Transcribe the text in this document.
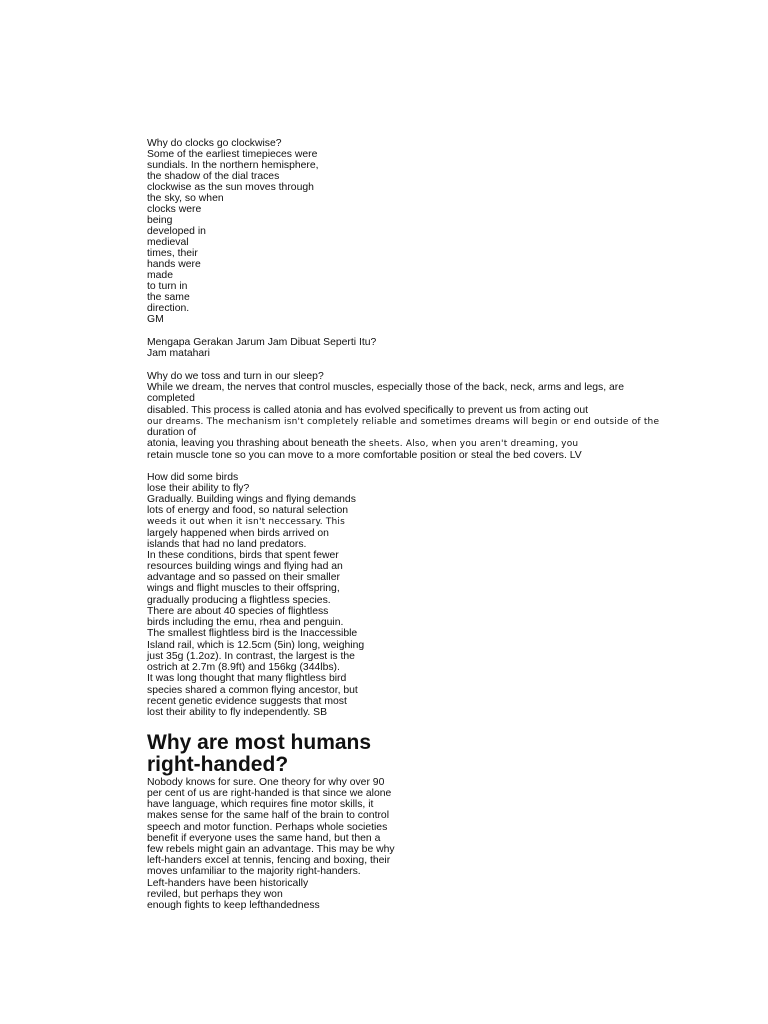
Why do clocks go clockwise?
Some of the earliest timepieces were
sundials. In the northern hemisphere,
the shadow of the dial traces
clockwise as the sun moves through
the sky, so when
clocks were
being
developed in
medieval
times, their
hands were
made
to turn in
the same
direction.
GM
Mengapa Gerakan Jarum Jam Dibuat Seperti Itu?
Jam matahari
Why do we toss and turn in our sleep?
While we dream, the nerves that control muscles, especially those of the back, neck, arms and legs, are
completed
disabled. This process is called atonia and has evolved specifically to prevent us from acting out
our dreams. The mechanism isn't completely reliable and sometimes dreams will begin or end outside of the
duration of
atonia, leaving you thrashing about beneath the sheets. Also, when you aren't dreaming, you
retain muscle tone so you can move to a more comfortable position or steal the bed covers. LV
How did some birds
lose their ability to fly?
Gradually. Building wings and flying demands
lots of energy and food, so natural selection
weeds it out when it isn't neccessary. This
largely happened when birds arrived on
islands that had no land predators.
In these conditions, birds that spent fewer
resources building wings and flying had an
advantage and so passed on their smaller
wings and flight muscles to their offspring,
gradually producing a flightless species.
There are about 40 species of flightless
birds including the emu, rhea and penguin.
The smallest flightless bird is the Inaccessible
Island rail, which is 12.5cm (5in) long, weighing
just 35g (1.2oz). In contrast, the largest is the
ostrich at 2.7m (8.9ft) and 156kg (344lbs).
It was long thought that many flightless bird
species shared a common flying ancestor, but
recent genetic evidence suggests that most
lost their ability to fly independently. SB
Why are most humans
right-handed?
Nobody knows for sure. One theory for why over 90
per cent of us are right-handed is that since we alone
have language, which requires fine motor skills, it
makes sense for the same half of the brain to control
speech and motor function. Perhaps whole societies
benefit if everyone uses the same hand, but then a
few rebels might gain an advantage. This may be why
left-handers excel at tennis, fencing and boxing, their
moves unfamiliar to the majority right-handers.
Left-handers have been historically
reviled, but perhaps they won
enough fights to keep lefthandedness
